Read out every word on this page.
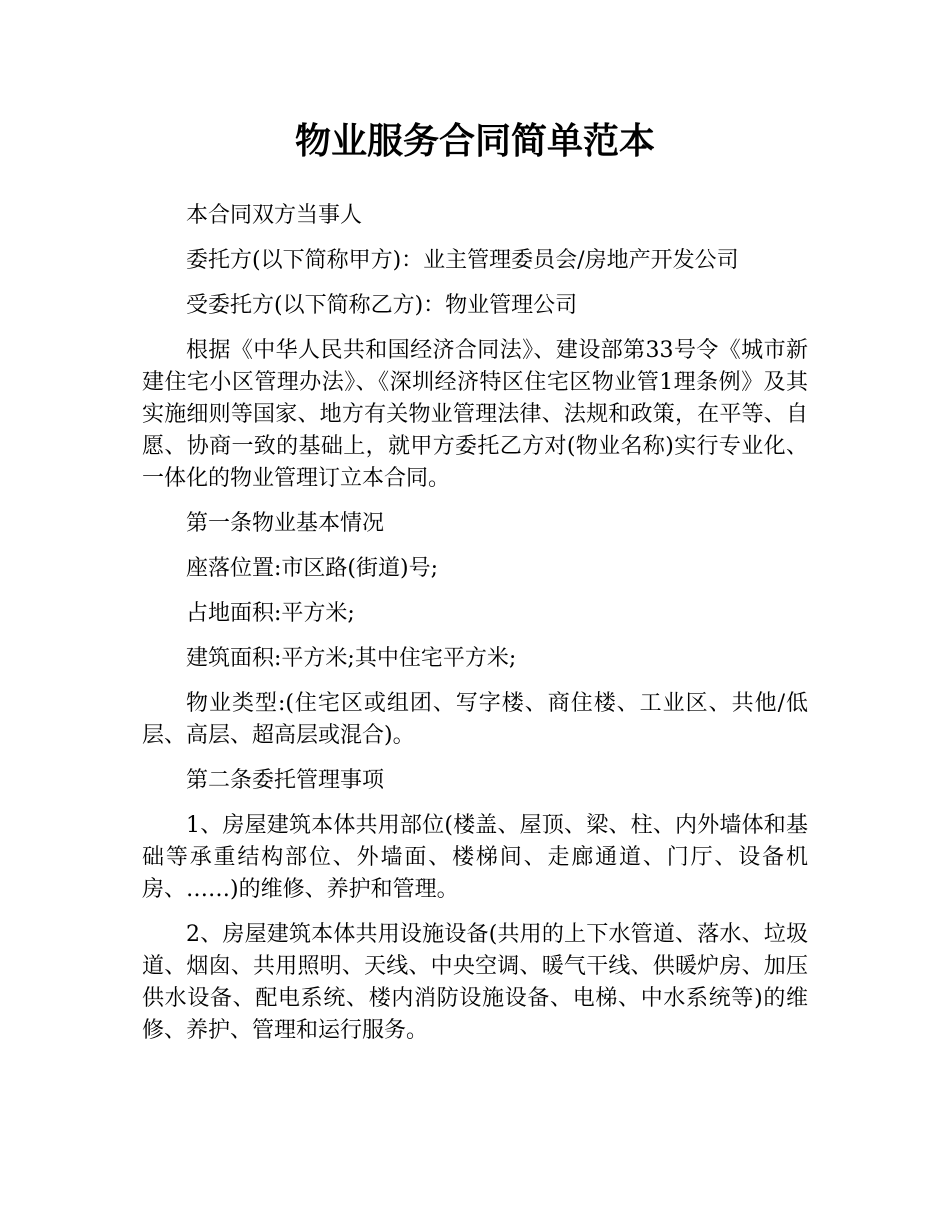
物业服务合同简单范本

本合同双方当事人

委托方(以下简称甲方)：业主管理委员会/房地产开发公司

受委托方(以下简称乙方)：物业管理公司

根据《中华人民共和国经济合同法》、建设部第33号令《城市新建住宅小区管理办法》、《深圳经济特区住宅区物业管1理条例》及其实施细则等国家、地方有关物业管理法律、法规和政策，在平等、自愿、协商一致的基础上，就甲方委托乙方对(物业名称)实行专业化、一体化的物业管理订立本合同。

第一条物业基本情况

座落位置:市区路(街道)号;

占地面积:平方米;

建筑面积:平方米;其中住宅平方米;

物业类型:(住宅区或组团、写字楼、商住楼、工业区、共他/低层、高层、超高层或混合)。

第二条委托管理事项

1、房屋建筑本体共用部位(楼盖、屋顶、梁、柱、内外墙体和基础等承重结构部位、外墙面、楼梯间、走廊通道、门厅、设备机房、……)的维修、养护和管理。

2、房屋建筑本体共用设施设备(共用的上下水管道、落水、垃圾道、烟囱、共用照明、天线、中央空调、暖气干线、供暖炉房、加压供水设备、配电系统、楼内消防设施设备、电梯、中水系统等)的维修、养护、管理和运行服务。
